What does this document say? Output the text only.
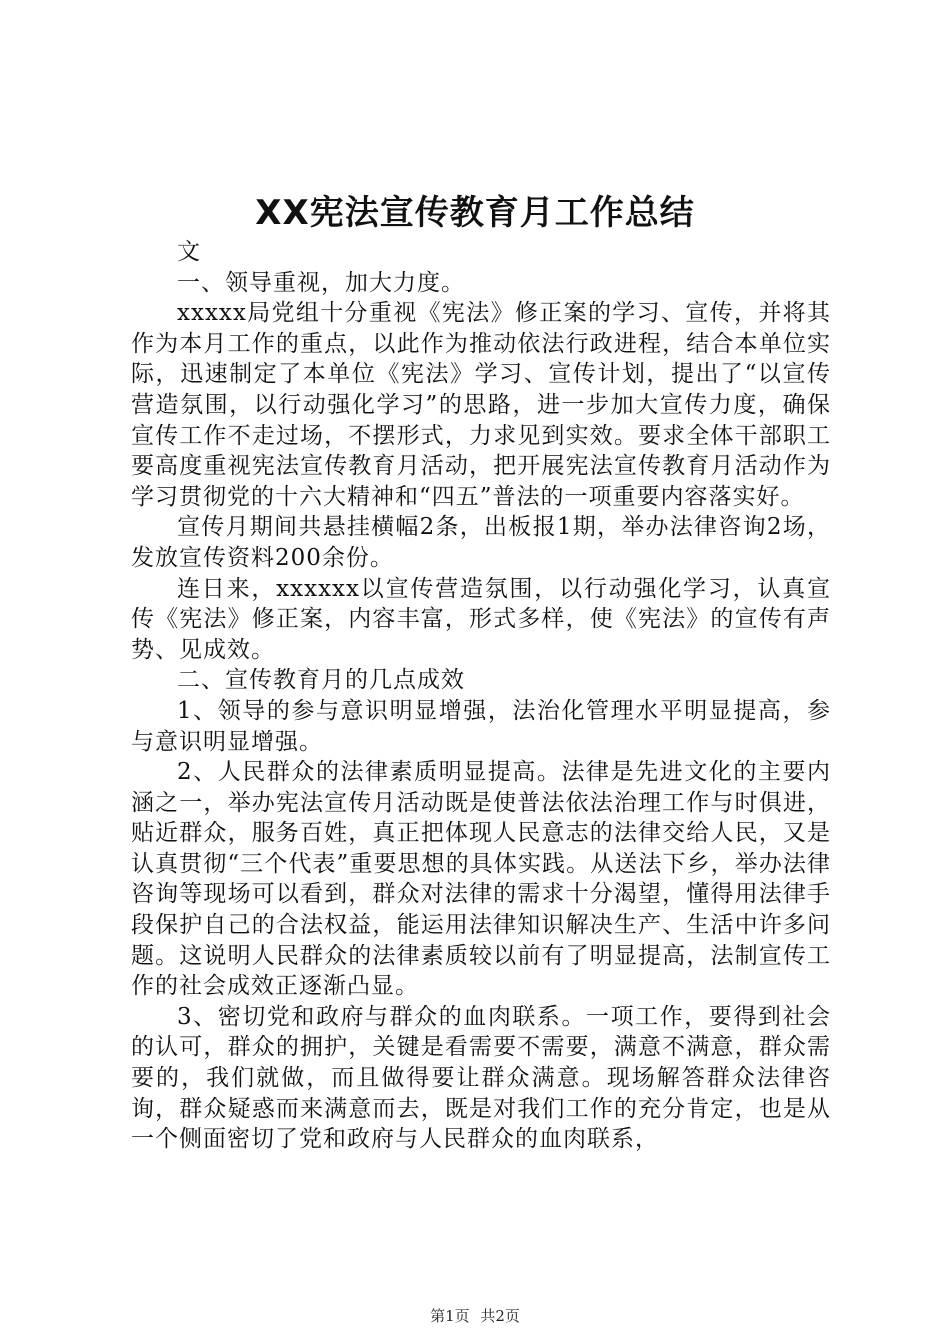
XX宪法宣传教育月工作总结

文

一、领导重视，加大力度。

xxxxx局党组十分重视《宪法》修正案的学习、宣传，并将其作为本月工作的重点，以此作为推动依法行政进程，结合本单位实际，迅速制定了本单位《宪法》学习、宣传计划，提出了“以宣传营造氛围，以行动强化学习”的思路，进一步加大宣传力度，确保宣传工作不走过场，不摆形式，力求见到实效。要求全体干部职工要高度重视宪法宣传教育月活动，把开展宪法宣传教育月活动作为学习贯彻党的十六大精神和“四五”普法的一项重要内容落实好。

宣传月期间共悬挂横幅2条，出板报1期，举办法律咨询2场，发放宣传资料200余份。

连日来，xxxxxx以宣传营造氛围，以行动强化学习，认真宣传《宪法》修正案，内容丰富，形式多样，使《宪法》的宣传有声势、见成效。

二、宣传教育月的几点成效

1、领导的参与意识明显增强，法治化管理水平明显提高，参与意识明显增强。

2、人民群众的法律素质明显提高。法律是先进文化的主要内涵之一，举办宪法宣传月活动既是使普法依法治理工作与时俱进，贴近群众，服务百姓，真正把体现人民意志的法律交给人民，又是认真贯彻“三个代表”重要思想的具体实践。从送法下乡，举办法律咨询等现场可以看到，群众对法律的需求十分渴望，懂得用法律手段保护自己的合法权益，能运用法律知识解决生产、生活中许多问题。这说明人民群众的法律素质较以前有了明显提高，法制宣传工作的社会成效正逐渐凸显。

3、密切党和政府与群众的血肉联系。一项工作，要得到社会的认可，群众的拥护，关键是看需要不需要，满意不满意，群众需要的，我们就做，而且做得要让群众满意。现场解答群众法律咨询，群众疑惑而来满意而去，既是对我们工作的充分肯定，也是从一个侧面密切了党和政府与人民群众的血肉联系，

第1页 共2页
